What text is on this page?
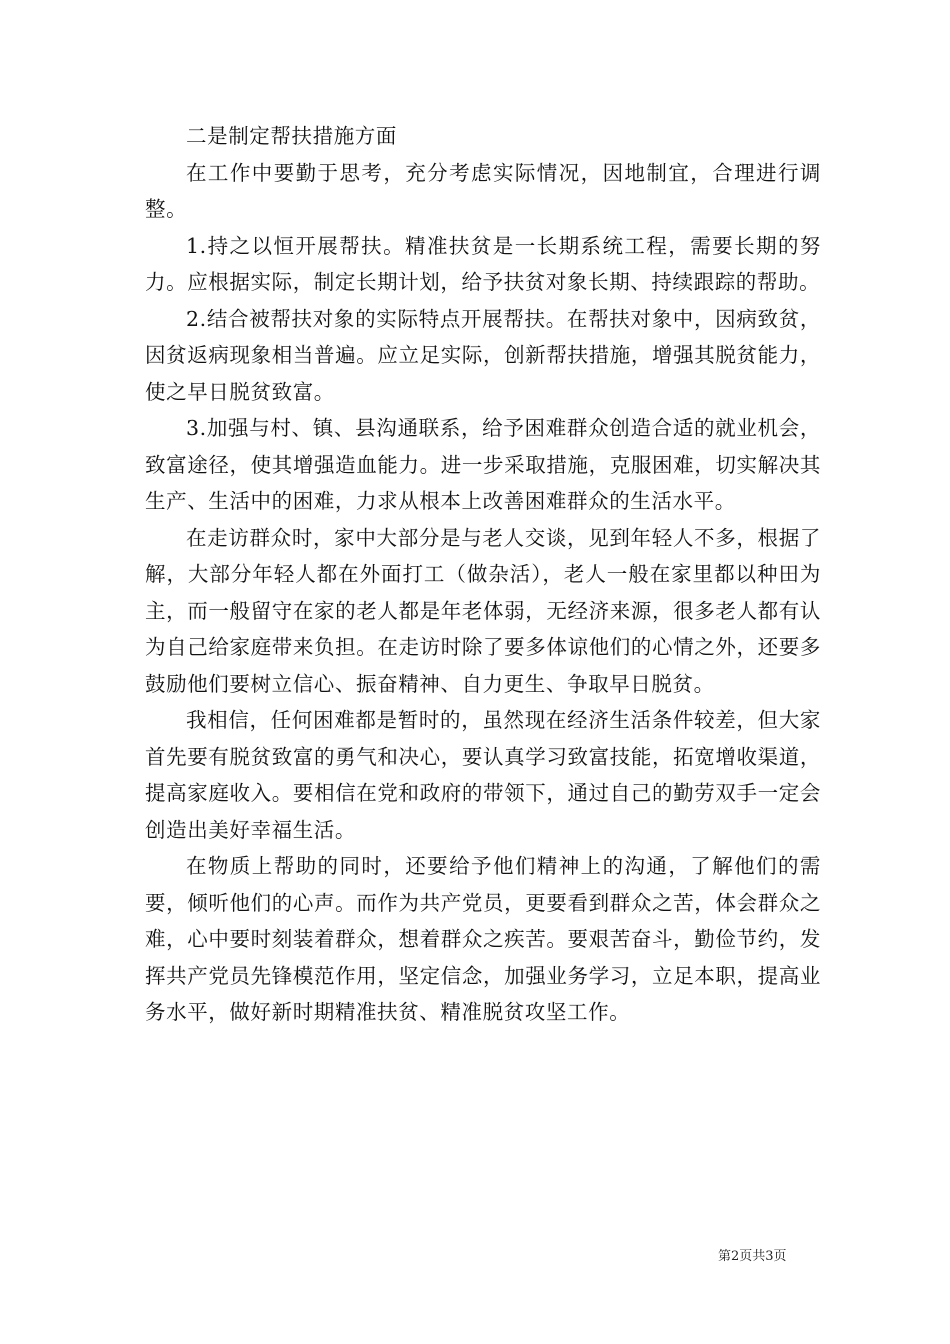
二是制定帮扶措施方面

在工作中要勤于思考，充分考虑实际情况，因地制宜，合理进行调整。

1.持之以恒开展帮扶。精准扶贫是一长期系统工程，需要长期的努力。应根据实际，制定长期计划，给予扶贫对象长期、持续跟踪的帮助。

2.结合被帮扶对象的实际特点开展帮扶。在帮扶对象中，因病致贫，因贫返病现象相当普遍。应立足实际，创新帮扶措施，增强其脱贫能力，使之早日脱贫致富。

3.加强与村、镇、县沟通联系，给予困难群众创造合适的就业机会，致富途径，使其增强造血能力。进一步采取措施，克服困难，切实解决其生产、生活中的困难，力求从根本上改善困难群众的生活水平。

在走访群众时，家中大部分是与老人交谈，见到年轻人不多，根据了解，大部分年轻人都在外面打工（做杂活），老人一般在家里都以种田为主，而一般留守在家的老人都是年老体弱，无经济来源，很多老人都有认为自己给家庭带来负担。在走访时除了要多体谅他们的心情之外，还要多鼓励他们要树立信心、振奋精神、自力更生、争取早日脱贫。

我相信，任何困难都是暂时的，虽然现在经济生活条件较差，但大家首先要有脱贫致富的勇气和决心，要认真学习致富技能，拓宽增收渠道，提高家庭收入。要相信在党和政府的带领下，通过自己的勤劳双手一定会创造出美好幸福生活。

在物质上帮助的同时，还要给予他们精神上的沟通，了解他们的需要，倾听他们的心声。而作为共产党员，更要看到群众之苦，体会群众之难，心中要时刻装着群众，想着群众之疾苦。要艰苦奋斗，勤俭节约，发挥共产党员先锋模范作用，坚定信念，加强业务学习，立足本职，提高业务水平，做好新时期精准扶贫、精准脱贫攻坚工作。

第2页共3页
